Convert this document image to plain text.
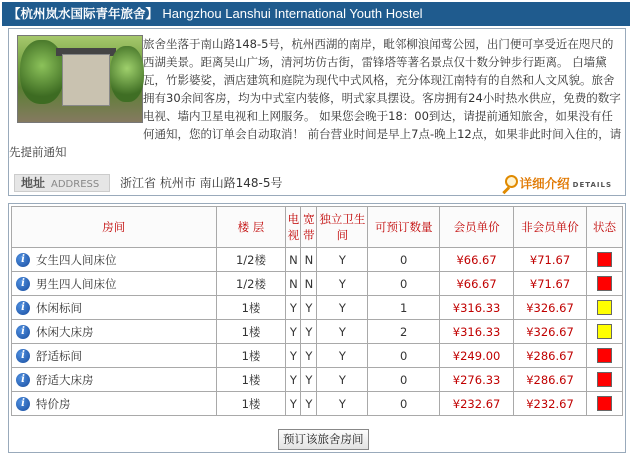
【杭州岚水国际青年旅舍】 Hangzhou Lanshui International Youth Hostel
旅舍坐落于南山路148-5号，杭州西湖的南岸，毗邻柳浪闻莺公园，出门便可享受近在咫尺的西湖美景。距离吴山广场，清河坊仿古街，雷锋塔等著名景点仅十数分钟步行距离。 白墙黛瓦，竹影婆娑，酒店建筑和庭院为现代中式风格，充分体现江南特有的自然和人文风貌。旅舍拥有30余间客房，均为中式室内装修，明式家具摆设。客房拥有24小时热水供应，免费的数字电视、墙内卫星电视和上网服务。 如果您会晚于18：00到达，请提前通知旅舍，如果没有任何通知，您的订单会自动取消！ 前台营业时间是早上7点-晚上12点，如果非此时间入住的，请先提前通知
地址 ADDRESS	浙江省 杭州市 南山路148-5号	详细介绍 DETAILS
房间	楼 层	电视	宽带	独立卫生间	可预订数量	会员单价	非会员单价	状态

i 女生四人间床位	1/2楼	N	N	Y	0	¥66.67	¥71.67	

i 男生四人间床位	1/2楼	N	N	Y	0	¥66.67	¥71.67	

i 休闲标间	1楼	Y	Y	Y	1	¥316.33	¥326.67	

i 休闲大床房	1楼	Y	Y	Y	2	¥316.33	¥326.67	

i 舒适标间	1楼	Y	Y	Y	0	¥249.00	¥286.67	

i 舒适大床房	1楼	Y	Y	Y	0	¥276.33	¥286.67	

i 特价房	1楼	Y	Y	Y	0	¥232.67	¥232.67	
预订该旅舍房间
